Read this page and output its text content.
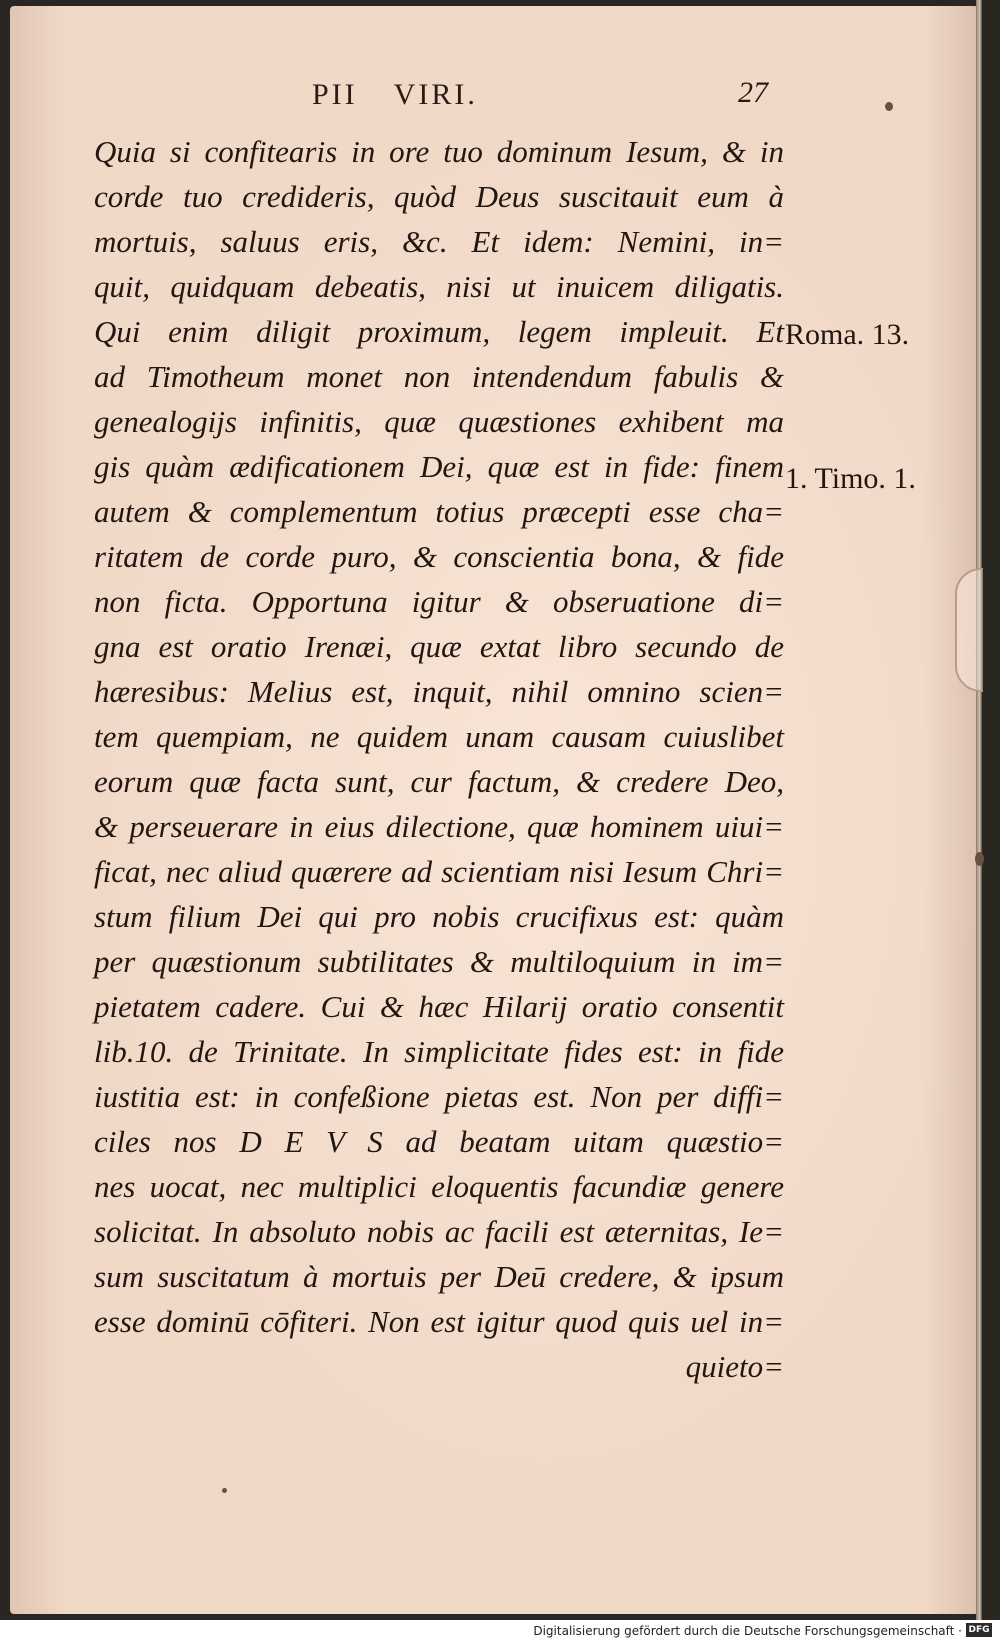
PII VIRI.	27
Quia si confitearis in ore tuo dominum Iesum, & in
corde tuo credideris, quòd Deus suscitauit eum à
mortuis, saluus eris, &c. Et idem: Nemini, in=
quit, quidquam debeatis, nisi ut inuicem diligatis.
Qui enim diligit proximum, legem impleuit. Et
ad Timotheum monet non intendendum fabulis &
genealogijs infinitis, quæ quæstiones exhibent ma
gis quàm ædificationem Dei, quæ est in fide: finem
autem & complementum totius præcepti esse cha=
ritatem de corde puro, & conscientia bona, & fide
non ficta. Opportuna igitur & obseruatione di=
gna est oratio Irenæi, quæ extat libro secundo de
hæresibus: Melius est, inquit, nihil omnino scien=
tem quempiam, ne quidem unam causam cuiuslibet
eorum quæ facta sunt, cur factum, & credere Deo,
& perseuerare in eius dilectione, quæ hominem uiui=
ficat, nec aliud quærere ad scientiam nisi Iesum Chri=
stum filium Dei qui pro nobis crucifixus est: quàm
per quæstionum subtilitates & multiloquium in im=
pietatem cadere. Cui & hæc Hilarij oratio consentit
lib.10. de Trinitate. In simplicitate fides est: in fide
iustitia est: in confeßione pietas est. Non per diffi=
ciles nos D E V S ad beatam uitam quæstio=
nes uocat, nec multiplici eloquentis facundiæ genere
solicitat. In absoluto nobis ac facili est æternitas, Ie=
sum suscitatum à mortuis per Deū credere, & ipsum
esse dominū cōfiteri. Non est igitur quod quis uel in=
quieto=
Roma. 13.
1. Timo. 1.
Digitalisierung gefördert durch die Deutsche Forschungsgemeinschaft · DFG
